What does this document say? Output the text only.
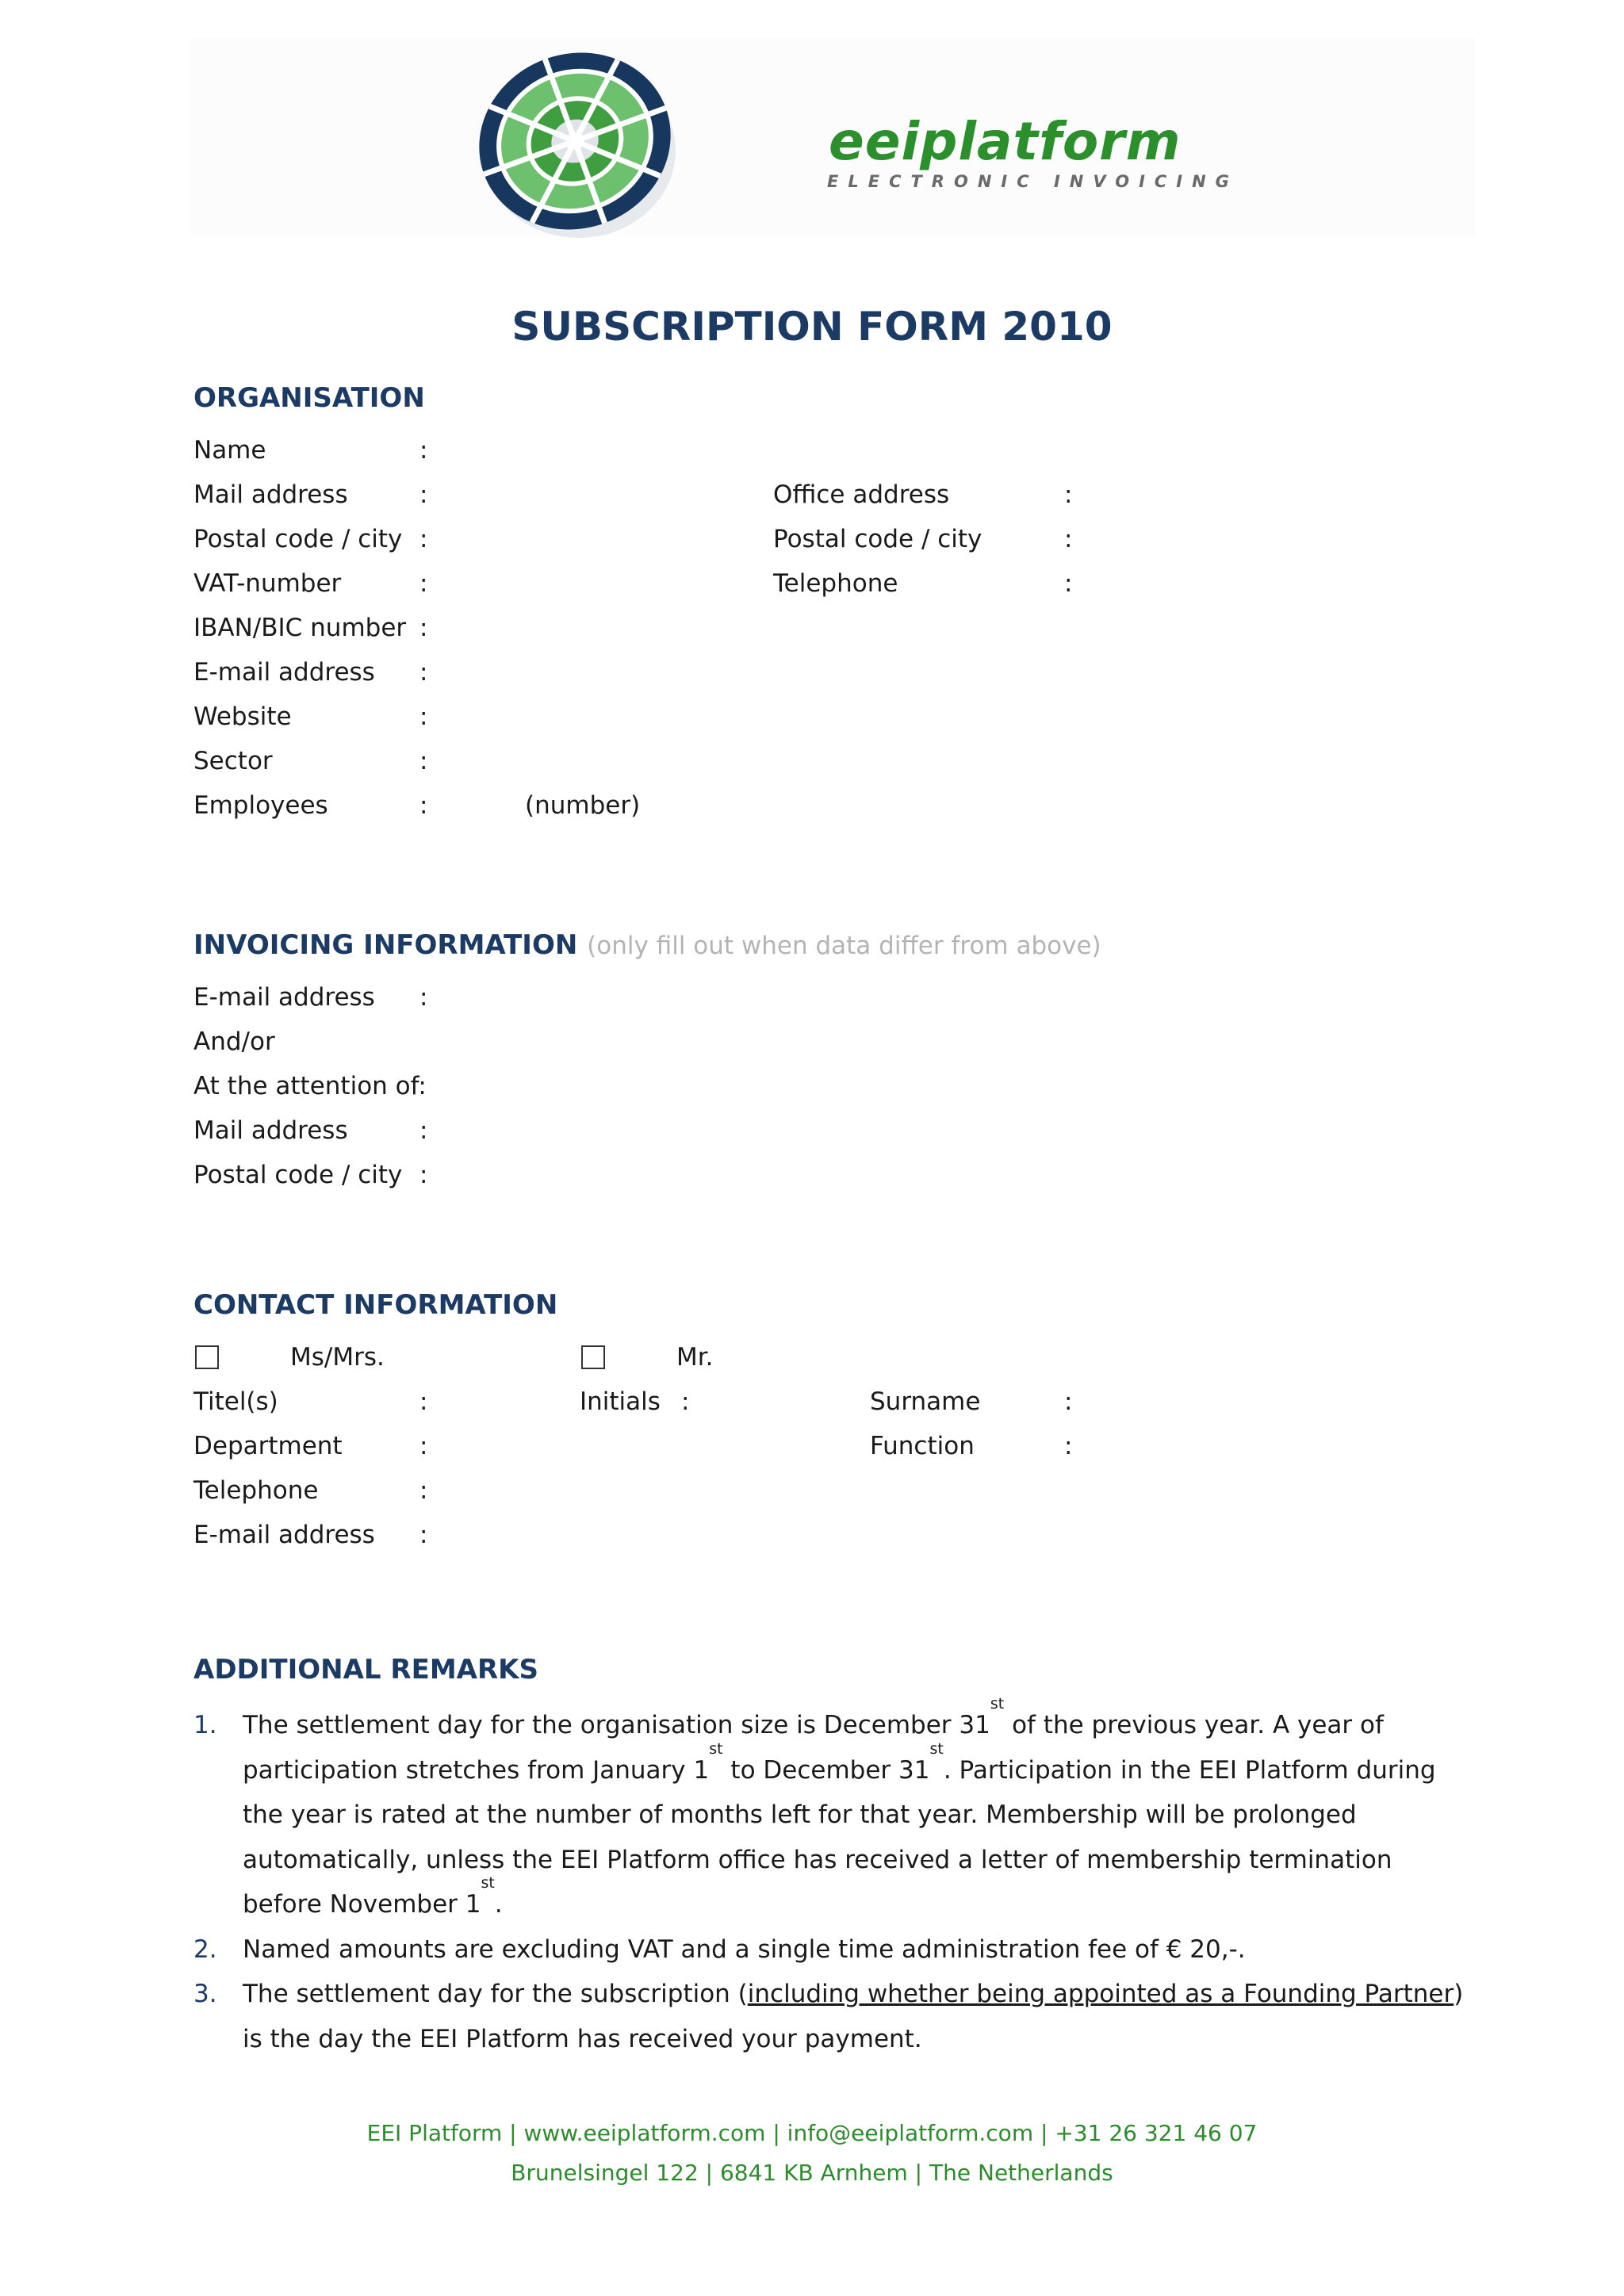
eeiplatform
ELECTRONIC INVOICING
SUBSCRIPTION FORM 2010
ORGANISATION
Name	:
Mail address	:	Office address	:
Postal code / city :	Postal code / city	:
VAT-number	:	Telephone	:
IBAN/BIC number :
E-mail address :
Website	:
Sector	:
Employees	:	(number)
INVOICING INFORMATION (only fill out when data differ from above)
E-mail address :
And/or
At the attention of:
Mail address	:
Postal code / city :
CONTACT INFORMATION
Ms/Mrs.	Mr.
Titel(s)	:	Initials :	Surname	:
Department	:	Function	:
Telephone	:
E-mail address :
ADDITIONAL REMARKS
1. The settlement day for the organisation size is December 31st of the previous year. A year of participation stretches from January 1st to December 31st. Participation in the EEI Platform during the year is rated at the number of months left for that year. Membership will be prolonged automatically, unless the EEI Platform office has received a letter of membership termination before November 1st.
2. Named amounts are excluding VAT and a single time administration fee of € 20,-.
3. The settlement day for the subscription (including whether being appointed as a Founding Partner) is the day the EEI Platform has received your payment.
EEI Platform | www.eeiplatform.com | info@eeiplatform.com | +31 26 321 46 07
Brunelsingel 122 | 6841 KB Arnhem | The Netherlands
